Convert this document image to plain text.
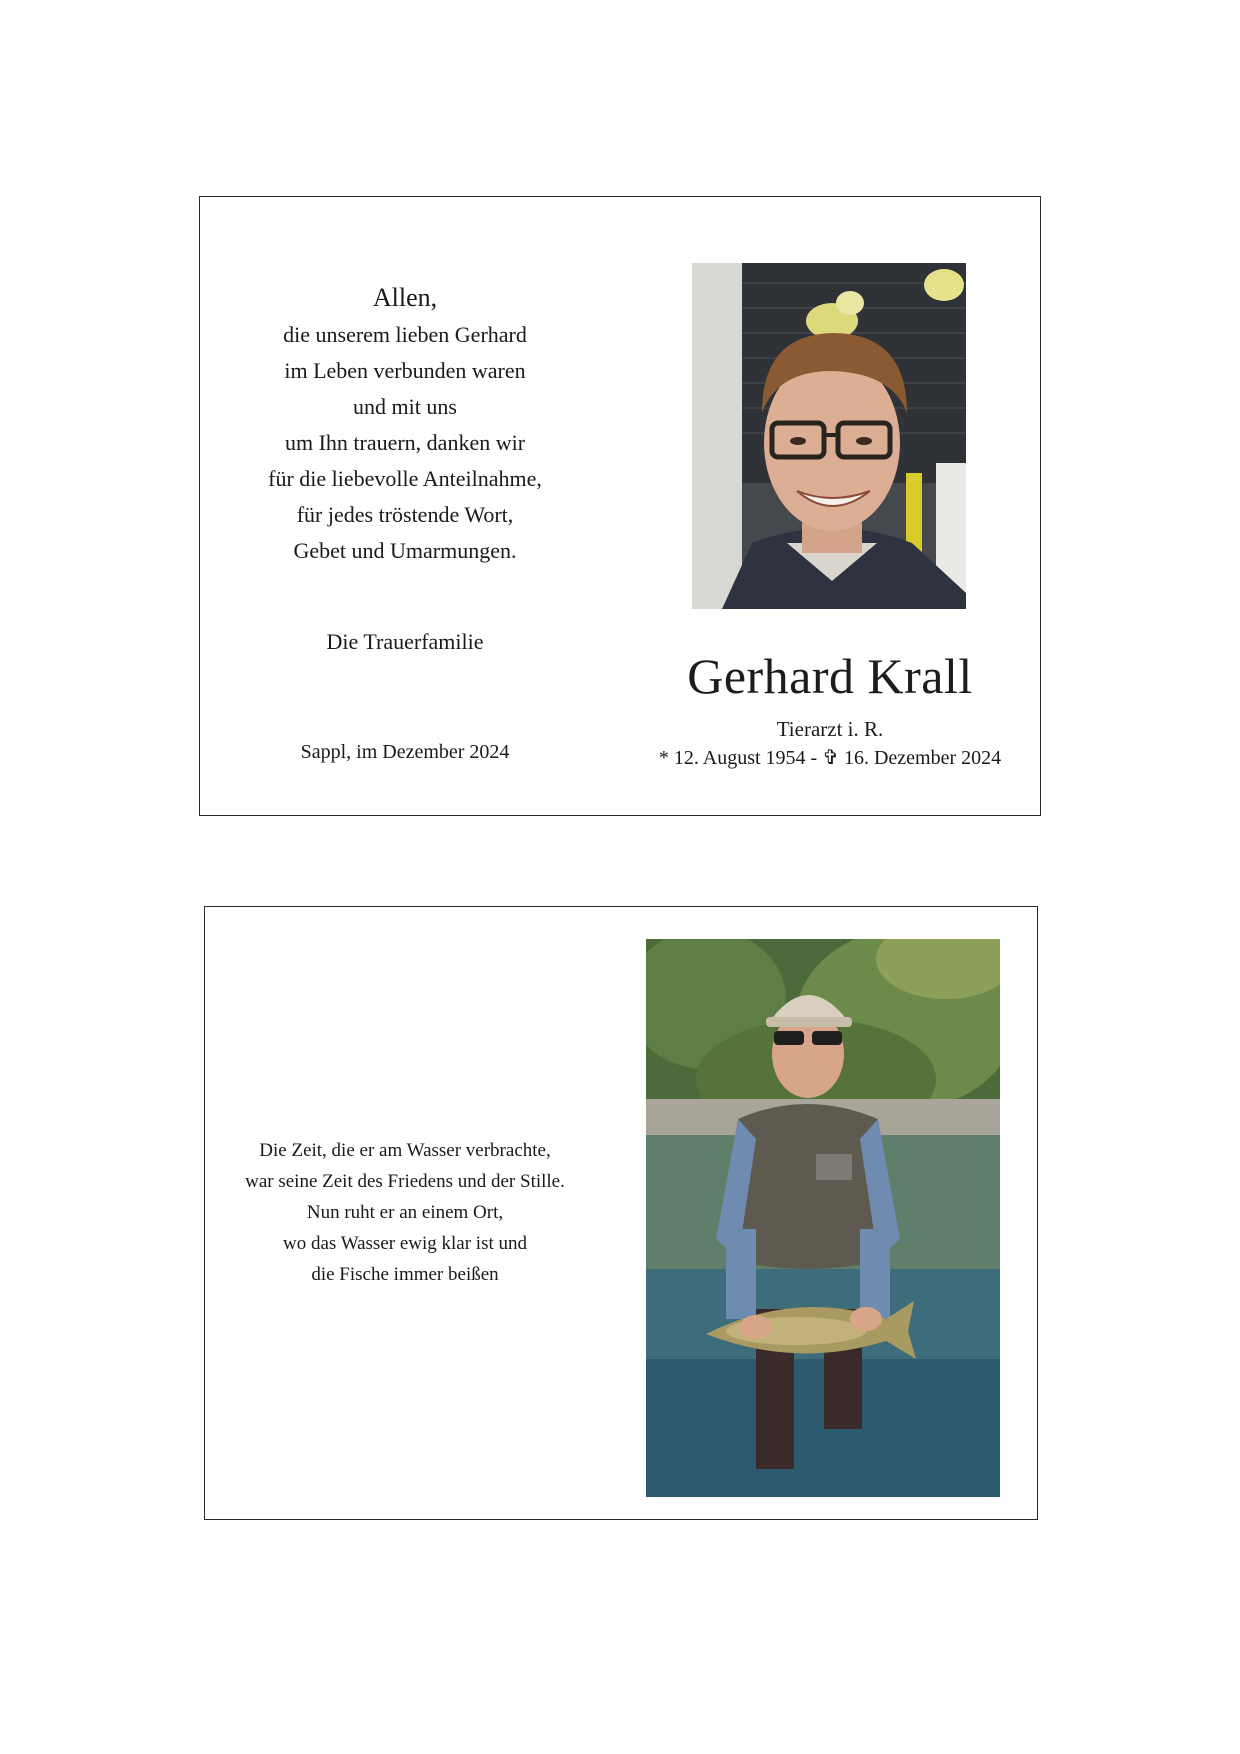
Allen,
die unserem lieben Gerhard
im Leben verbunden waren
und mit uns
um Ihn trauern, danken wir
für die liebevolle Anteilnahme,
für jedes tröstende Wort,
Gebet und Umarmungen.
Die Trauerfamilie
Sappl, im Dezember 2024
Gerhard Krall
Tierarzt i. R.
* 12. August 1954 - ✞ 16. Dezember 2024
Die Zeit, die er am Wasser verbrachte,
war seine Zeit des Friedens und der Stille.
Nun ruht er an einem Ort,
wo das Wasser ewig klar ist und
die Fische immer beißen
